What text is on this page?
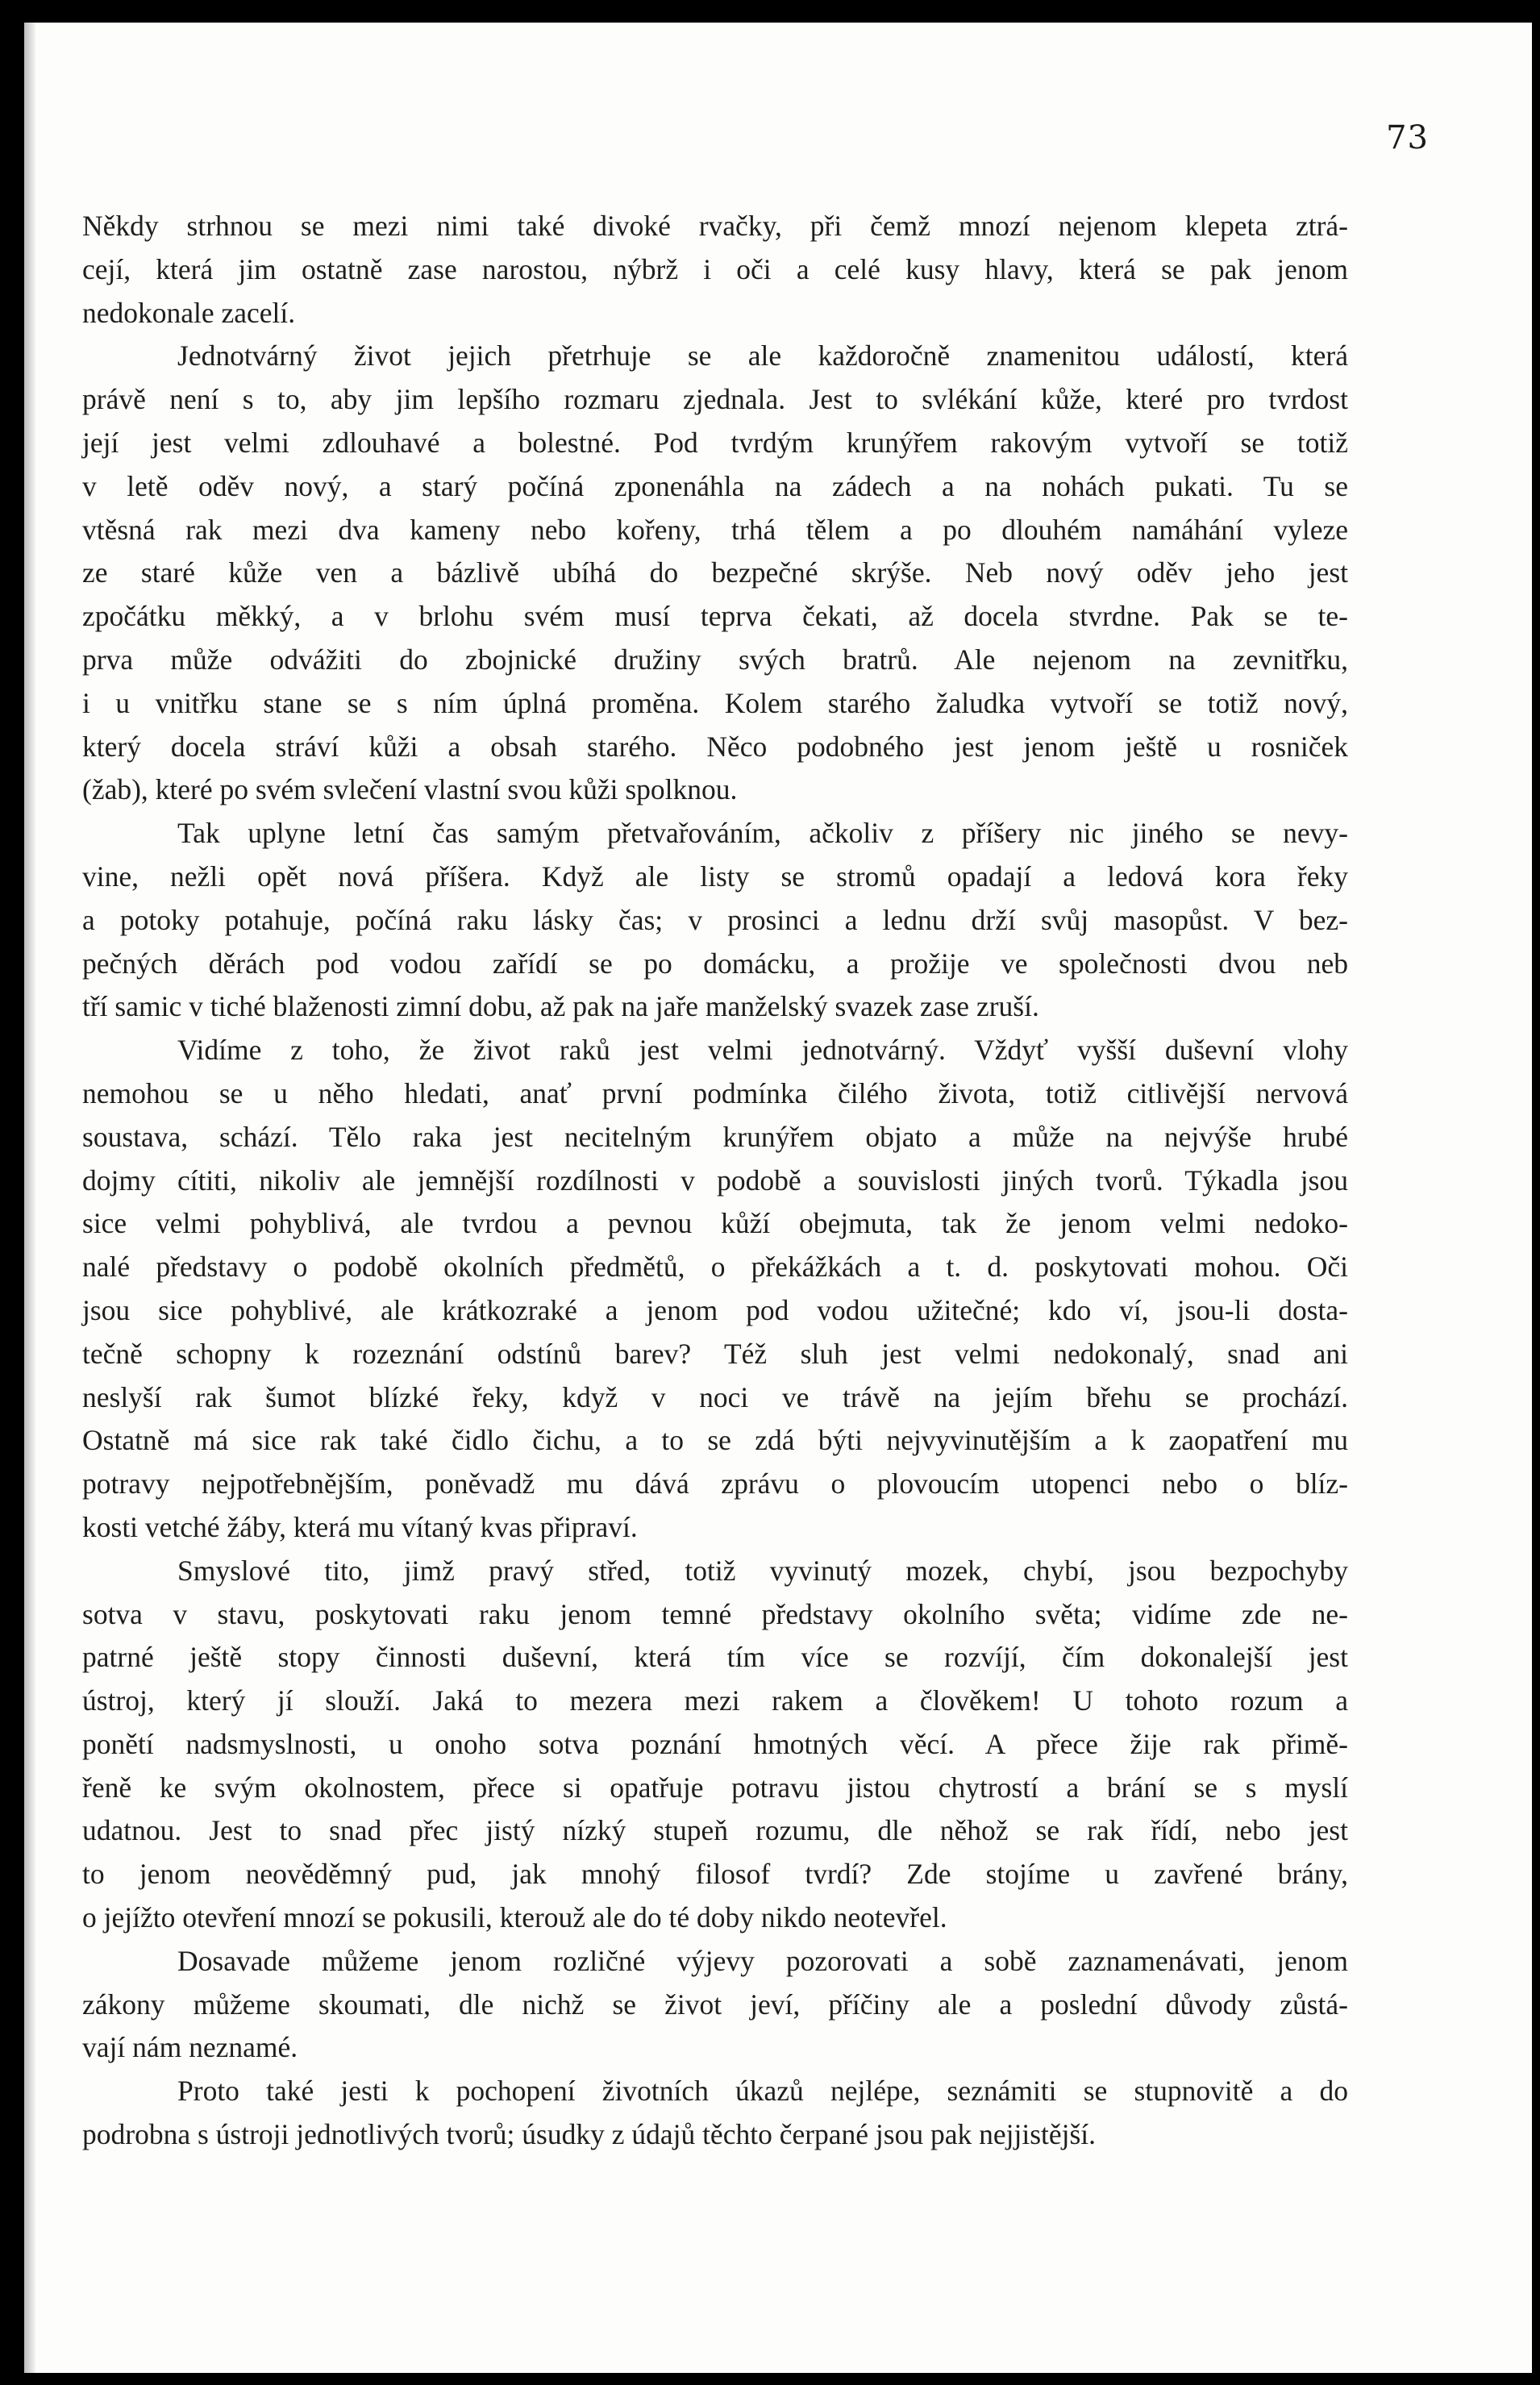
73
Někdy strhnou se mezi nimi také divoké rvačky, při čemž mnozí nejenom klepeta ztrá-
cejí, která jim ostatně zase narostou, nýbrž i oči a celé kusy hlavy, která se pak jenom
nedokonale zacelí.
Jednotvárný život jejich přetrhuje se ale každoročně znamenitou událostí, která
právě není s to, aby jim lepšího rozmaru zjednala. Jest to svlékání kůže, které pro tvrdost
její jest velmi zdlouhavé a bolestné. Pod tvrdým krunýřem rakovým vytvoří se totiž
v letě oděv nový, a starý počíná zponenáhla na zádech a na nohách pukati. Tu se
vtěsná rak mezi dva kameny nebo kořeny, trhá tělem a po dlouhém namáhání vyleze
ze staré kůže ven a bázlivě ubíhá do bezpečné skrýše. Neb nový oděv jeho jest
zpočátku měkký, a v brlohu svém musí teprva čekati, až docela stvrdne. Pak se te-
prva může odvážiti do zbojnické družiny svých bratrů. Ale nejenom na zevnitřku,
i u vnitřku stane se s ním úplná proměna. Kolem starého žaludka vytvoří se totiž nový,
který docela stráví kůži a obsah starého. Něco podobného jest jenom ještě u rosniček
(žab), které po svém svlečení vlastní svou kůži spolknou.
Tak uplyne letní čas samým přetvařováním, ačkoliv z příšery nic jiného se nevy-
vine, nežli opět nová příšera. Když ale listy se stromů opadají a ledová kora řeky
a potoky potahuje, počíná raku lásky čas; v prosinci a lednu drží svůj masopůst. V bez-
pečných děrách pod vodou zařídí se po domácku, a prožije ve společnosti dvou neb
tří samic v tiché blaženosti zimní dobu, až pak na jaře manželský svazek zase zruší.
Vidíme z toho, že život raků jest velmi jednotvárný. Vždyť vyšší duševní vlohy
nemohou se u něho hledati, anať první podmínka čilého života, totiž citlivější nervová
soustava, schází. Tělo raka jest necitelným krunýřem objato a může na nejvýše hrubé
dojmy cítiti, nikoliv ale jemnější rozdílnosti v podobě a souvislosti jiných tvorů. Týkadla jsou
sice velmi pohyblivá, ale tvrdou a pevnou kůží obejmuta, tak že jenom velmi nedoko-
nalé představy o podobě okolních předmětů, o překážkách a t. d. poskytovati mohou. Oči
jsou sice pohyblivé, ale krátkozraké a jenom pod vodou užitečné; kdo ví, jsou-li dosta-
tečně schopny k rozeznání odstínů barev? Též sluh jest velmi nedokonalý, snad ani
neslyší rak šumot blízké řeky, když v noci ve trávě na jejím břehu se prochází.
Ostatně má sice rak také čidlo čichu, a to se zdá býti nejvyvinutějším a k zaopatření mu
potravy nejpotřebnějším, poněvadž mu dává zprávu o plovoucím utopenci nebo o blíz-
kosti vetché žáby, která mu vítaný kvas připraví.
Smyslové tito, jimž pravý střed, totiž vyvinutý mozek, chybí, jsou bezpochyby
sotva v stavu, poskytovati raku jenom temné představy okolního světa; vidíme zde ne-
patrné ještě stopy činnosti duševní, která tím více se rozvíjí, čím dokonalejší jest
ústroj, který jí slouží. Jaká to mezera mezi rakem a člověkem! U tohoto rozum a
ponětí nadsmyslnosti, u onoho sotva poznání hmotných věcí. A přece žije rak přimě-
řeně ke svým okolnostem, přece si opatřuje potravu jistou chytrostí a brání se s myslí
udatnou. Jest to snad přec jistý nízký stupeň rozumu, dle něhož se rak řídí, nebo jest
to jenom neověděmný pud, jak mnohý filosof tvrdí? Zde stojíme u zavřené brány,
o jejížto otevření mnozí se pokusili, kterouž ale do té doby nikdo neotevřel.
Dosavade můžeme jenom rozličné výjevy pozorovati a sobě zaznamenávati, jenom
zákony můžeme skoumati, dle nichž se život jeví, příčiny ale a poslední důvody zůstá-
vají nám neznamé.
Proto také jesti k pochopení životních úkazů nejlépe, seznámiti se stupnovitě a do
podrobna s ústroji jednotlivých tvorů; úsudky z údajů těchto čerpané jsou pak nejjistější.
